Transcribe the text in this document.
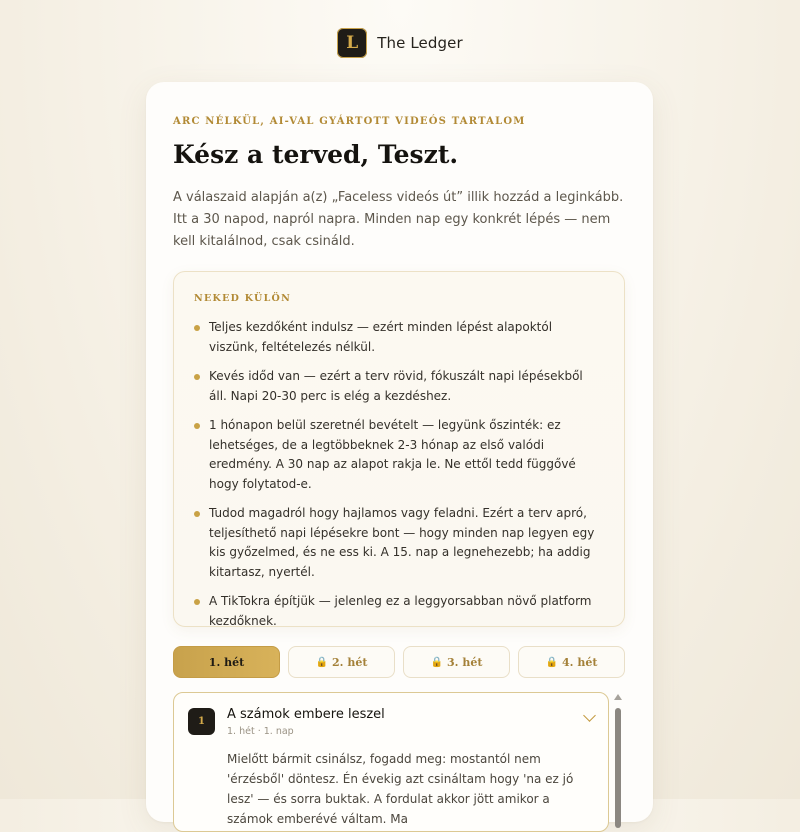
L	The Ledger
ARC NÉLKÜL, AI-VAL GYÁRTOTT VIDEÓS TARTALOM
Kész a terved, Teszt.

A válaszaid alapján a(z) „Faceless videós út” illik hozzád a leginkább. Itt a 30 napod, napról napra. Minden nap egy konkrét lépés — nem kell kitalálnod, csak csináld.

NEKED KÜLÖN
Teljes kezdőként indulsz — ezért minden lépést alapoktól viszünk, feltételezés nélkül.
Kevés időd van — ezért a terv rövid, fókuszált napi lépésekből áll. Napi 20-30 perc is elég a kezdéshez.
1 hónapon belül szeretnél bevételt — legyünk őszinték: ez lehetséges, de a legtöbbeknek 2-3 hónap az első valódi eredmény. A 30 nap az alapot rakja le. Ne ettől tedd függővé hogy folytatod-e.
Tudod magadról hogy hajlamos vagy feladni. Ezért a terv apró, teljesíthető napi lépésekre bont — hogy minden nap legyen egy kis győzelmed, és ne ess ki. A 15. nap a legnehezebb; ha addig kitartasz, nyertél.
A TikTokra építjük — jelenleg ez a leggyorsabban növő platform kezdőknek.
1. hét	🔒 2. hét	🔒 3. hét	🔒 4. hét
1	A számok embere leszel
1. hét · 1. nap
Mielőtt bármit csinálsz, fogadd meg: mostantól nem 'érzésből' döntesz. Én évekig azt csináltam hogy 'na ez jó lesz' — és sorra buktak. A fordulat akkor jött amikor a számok emberévé váltam. Ma
